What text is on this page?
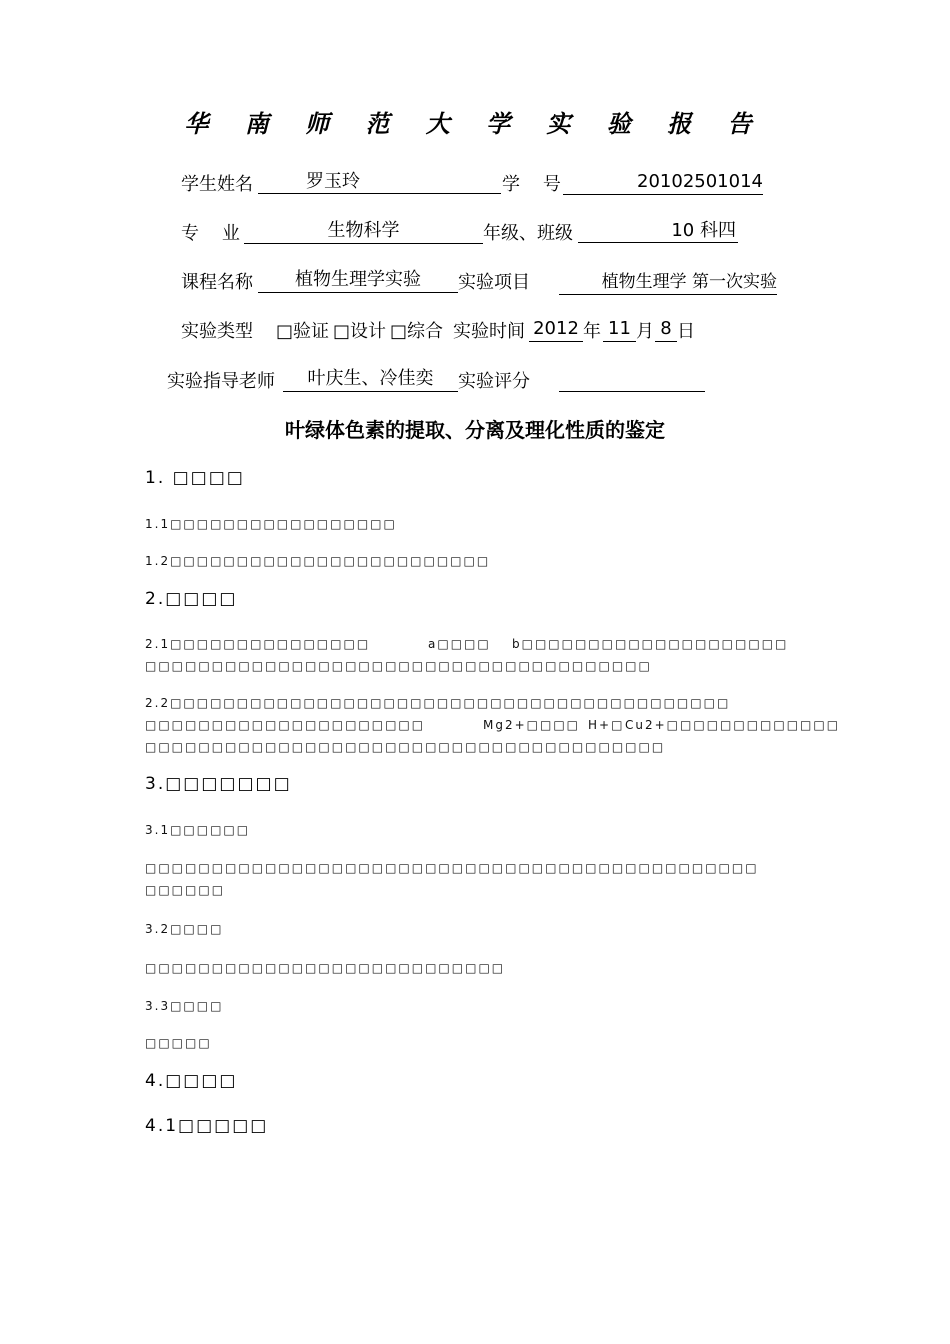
华 南 师 范 大 学 实 验 报 告
学生姓名	罗玉玲	学    号	20102501014
专    业	生物科学	年级、班级	10 科四
课程名称	植物生理学实验	实验项目	植物生理学 第一次实验
实验类型 □验证 □设计 □综合 实验时间 2012 年 11 月 8 日
实验指导老师	叶庆生、冷佳奕	实验评分
叶绿体色素的提取、分离及理化性质的鉴定
1. □□□□
1.1□□□□□□□□□□□□□□□□□
1.2□□□□□□□□□□□□□□□□□□□□□□□□
2.□□□□
2.1□□□□□□□□□□□□□□□	a□□□□ b□□□□□□□□□□□□□□□□□□□□
□□□□□□□□□□□□□□□□□□□□□□□□□□□□□□□□□□□□□□
2.2□□□□□□□□□□□□□□□□□□□□□□□□□□□□□□□□□□□□□□□□□□
□□□□□□□□□□□□□□□□□□□□□	Mg2+□□□□ H+□ Cu2+□□□□□□□□□□□□□
□□□□□□□□□□□□□□□□□□□□□□□□□□□□□□□□□□□□□□□
3.□□□□□□□
3.1□□□□□□
□□□□□□□□□□□□□□□□□□□□□□□□□□□□□□□□□□□□□□□□□□□□□□
□□□□□□
3.2□□□□
□□□□□□□□□□□□□□□□□□□□□□□□□□□
3.3□□□□
□□□□□
4.□□□□
4.1□□□□□
